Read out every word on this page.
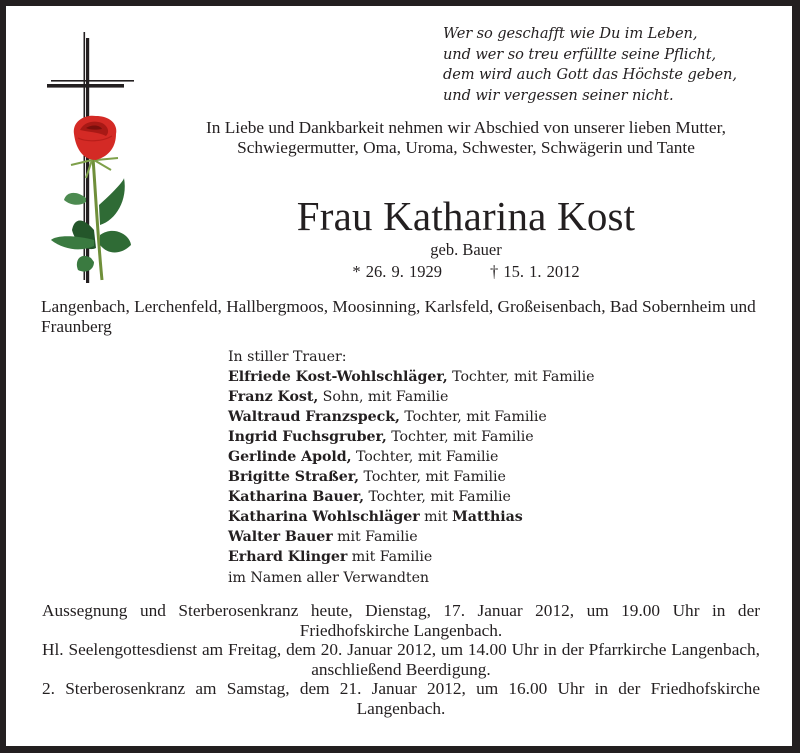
Wer so geschafft wie Du im Leben,
und wer so treu erfüllte seine Pflicht,
dem wird auch Gott das Höchste geben,
und wir vergessen seiner nicht.
In Liebe und Dankbarkeit nehmen wir Abschied von unserer lieben Mutter, Schwiegermutter, Oma, Uroma, Schwester, Schwägerin und Tante
Frau Katharina Kost
geb. Bauer
* 26. 9. 1929	† 15. 1. 2012
Langenbach, Lerchenfeld, Hallbergmoos, Moosinning, Karlsfeld, Großeisenbach, Bad Sobernheim und Fraunberg
In stiller Trauer:
Elfriede Kost-Wohlschläger, Tochter, mit Familie
Franz Kost, Sohn, mit Familie
Waltraud Franzspeck, Tochter, mit Familie
Ingrid Fuchsgruber, Tochter, mit Familie
Gerlinde Apold, Tochter, mit Familie
Brigitte Straßer, Tochter, mit Familie
Katharina Bauer, Tochter, mit Familie
Katharina Wohlschläger mit Matthias
Walter Bauer mit Familie
Erhard Klinger mit Familie
im Namen aller Verwandten
Aussegnung und Sterberosenkranz heute, Dienstag, 17. Januar 2012, um 19.00 Uhr in der Friedhofskirche Langenbach.
Hl. Seelengottesdienst am Freitag, dem 20. Januar 2012, um 14.00 Uhr in der Pfarrkirche Langenbach, anschließend Beerdigung.
2. Sterberosenkranz am Samstag, dem 21. Januar 2012, um 16.00 Uhr in der Friedhofskirche Langenbach.
